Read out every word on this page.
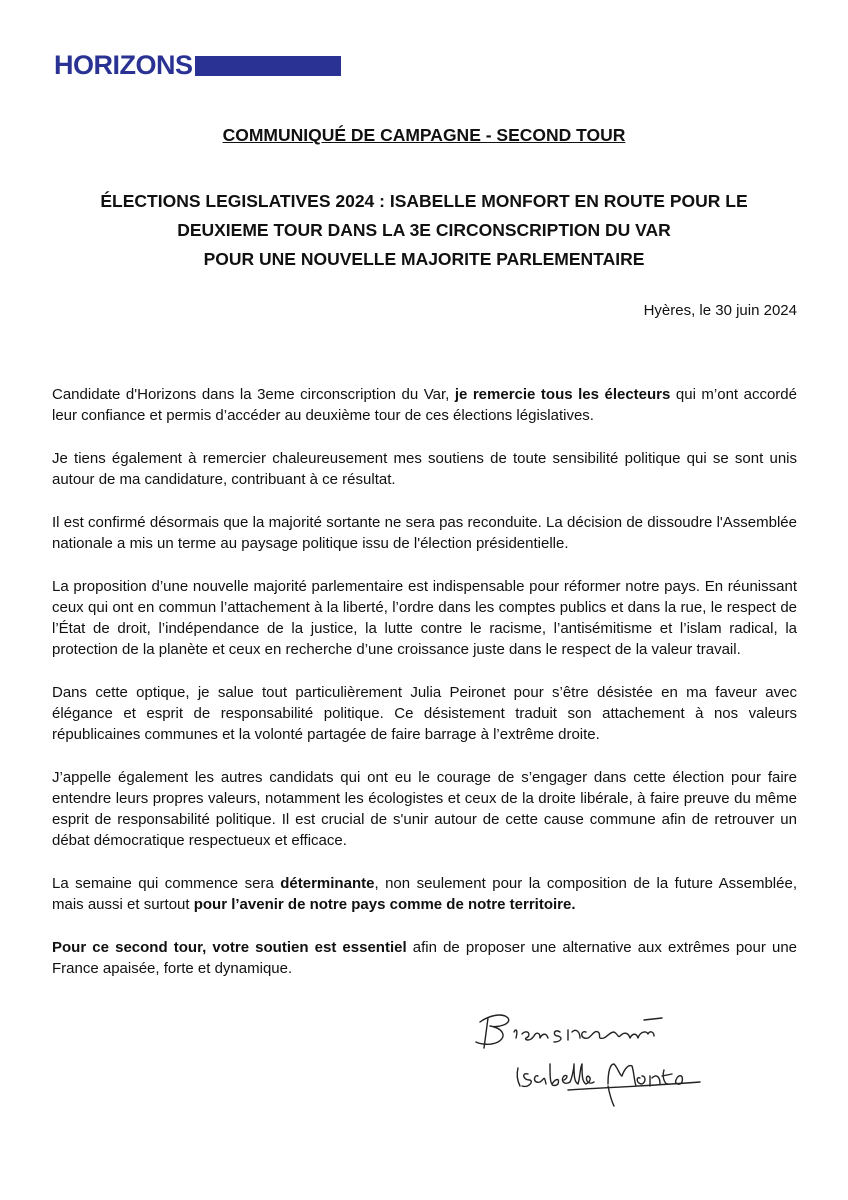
HORIZONS
COMMUNIQUÉ DE CAMPAGNE - SECOND TOUR
ÉLECTIONS LEGISLATIVES 2024 : ISABELLE MONFORT EN ROUTE POUR LE
DEUXIEME TOUR DANS LA 3E CIRCONSCRIPTION DU VAR
POUR UNE NOUVELLE MAJORITE PARLEMENTAIRE
Hyères, le 30 juin 2024

Candidate d'Horizons dans la 3eme circonscription du Var, je remercie tous les électeurs qui m’ont accordé leur confiance et permis d’accéder au deuxième tour de ces élections législatives.

Je tiens également à remercier chaleureusement mes soutiens de toute sensibilité politique qui se sont unis autour de ma candidature, contribuant à ce résultat.

Il est confirmé désormais que la majorité sortante ne sera pas reconduite. La décision de dissoudre l'Assemblée nationale a mis un terme au paysage politique issu de l'élection présidentielle.

La proposition d’une nouvelle majorité parlementaire est indispensable pour réformer notre pays. En réunissant ceux qui ont en commun l’attachement à la liberté, l’ordre dans les comptes publics et dans la rue, le respect de l’État de droit, l’indépendance de la justice, la lutte contre le racisme, l’antisémitisme et l’islam radical, la protection de la planète et ceux en recherche d’une croissance juste dans le respect de la valeur travail.

Dans cette optique, je salue tout particulièrement Julia Peironet pour s’être désistée en ma faveur avec élégance et esprit de responsabilité politique. Ce désistement traduit son attachement à nos valeurs républicaines communes et la volonté partagée de faire barrage à l’extrême droite.

J’appelle également les autres candidats qui ont eu le courage de s’engager dans cette élection pour faire entendre leurs propres valeurs, notamment les écologistes et ceux de la droite libérale, à faire preuve du même esprit de responsabilité politique. Il est crucial de s'unir autour de cette cause commune afin de retrouver un débat démocratique respectueux et efficace.

La semaine qui commence sera déterminante, non seulement pour la composition de la future Assemblée, mais aussi et surtout pour l’avenir de notre pays comme de notre territoire.

Pour ce second tour, votre soutien est essentiel afin de proposer une alternative aux extrêmes pour une France apaisée, forte et dynamique.
